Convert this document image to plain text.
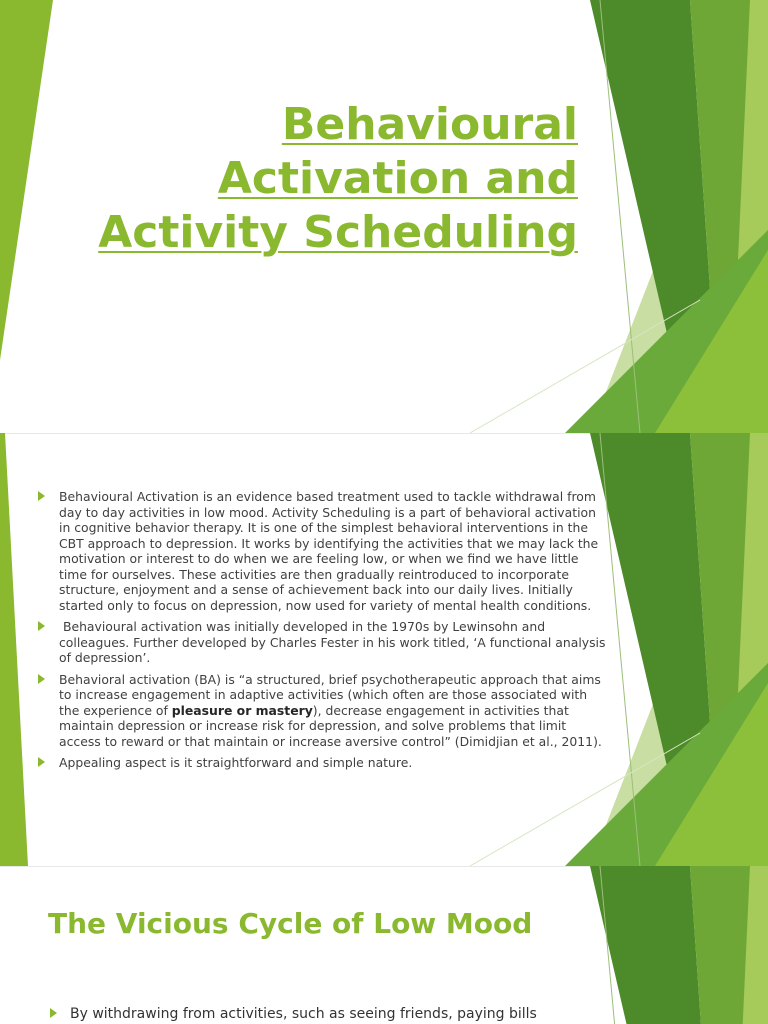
Behavioural
Activation and
Activity Scheduling
Behavioural Activation is an evidence based treatment used to tackle withdrawal from day to day activities in low mood. Activity Scheduling is a part of behavioral activation in cognitive behavior therapy. It is one of the simplest behavioral interventions in the CBT approach to depression. It works by identifying the activities that we may lack the motivation or interest to do when we are feeling low, or when we find we have little time for ourselves. These activities are then gradually reintroduced to incorporate structure, enjoyment and a sense of achievement back into our daily lives. Initially started only to focus on depression, now used for variety of mental health conditions.
Behavioural activation was initially developed in the 1970s by Lewinsohn and colleagues. Further developed by Charles Fester in his work titled, ‘A functional analysis of depression’.
Behavioral activation (BA) is “a structured, brief psychotherapeutic approach that aims to increase engagement in adaptive activities (which often are those associated with the experience of pleasure or mastery), decrease engagement in activities that maintain depression or increase risk for depression, and solve problems that limit access to reward or that maintain or increase aversive control” (Dimidjian et al., 2011).
Appealing aspect is it straightforward and simple nature.
The Vicious Cycle of Low Mood
By withdrawing from activities, such as seeing friends, paying bills
